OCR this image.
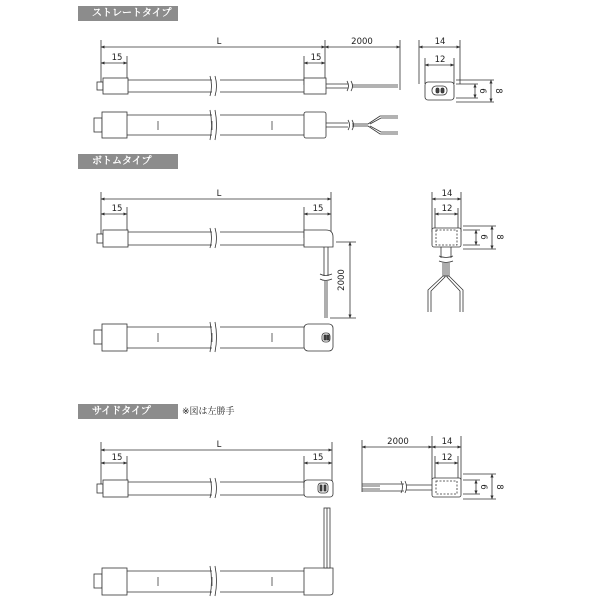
ストレートタイプ
ボトムタイプ
サイドタイプ	※図は左勝手
15
L
15
2000	14
12
6 8
15
L
15
2000
14
12
6 8
15
L
15
2000	14
12
6 8
